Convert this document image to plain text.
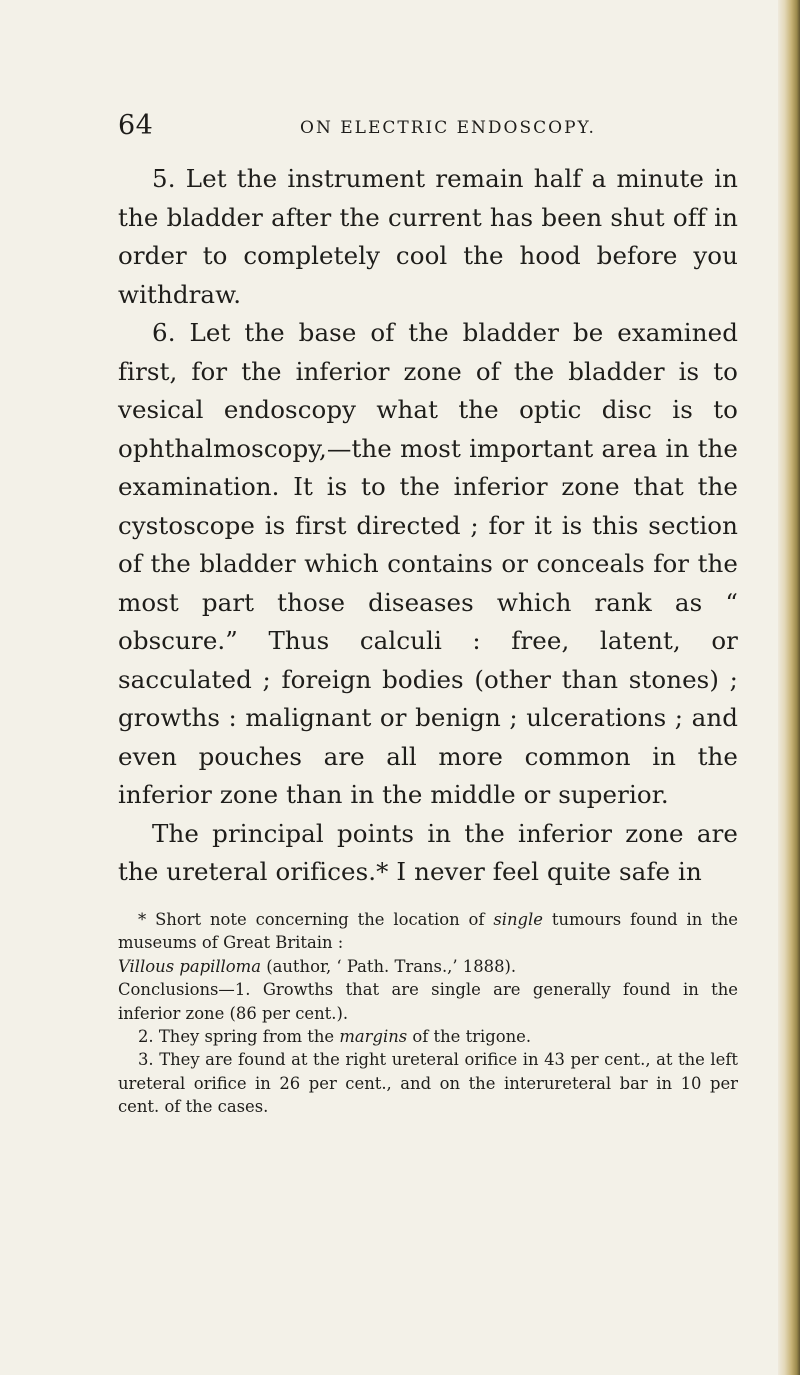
64	ON ELECTRIC ENDOSCOPY.

5. Let the instrument remain half a minute in the bladder after the current has been shut off in order to completely cool the hood before you withdraw.

6. Let the base of the bladder be examined first, for the inferior zone of the bladder is to vesical endoscopy what the optic disc is to ophthalmoscopy,—the most important area in the examination. It is to the inferior zone that the cystoscope is first directed ; for it is this section of the bladder which contains or conceals for the most part those diseases which rank as “ obscure.” Thus calculi : free, latent, or sacculated ; foreign bodies (other than stones) ; growths : malignant or benign ; ulcerations ; and even pouches are all more common in the inferior zone than in the middle or superior.

The principal points in the inferior zone are the ureteral orifices.* I never feel quite safe in

* Short note concerning the location of single tumours found in the museums of Great Britain :

Villous papilloma (author, ‘ Path. Trans.,’ 1888).

Conclusions—1. Growths that are single are generally found in the inferior zone (86 per cent.).

2. They spring from the margins of the trigone.

3. They are found at the right ureteral orifice in 43 per cent., at the left ureteral orifice in 26 per cent., and on the interureteral bar in 10 per cent. of the cases.
